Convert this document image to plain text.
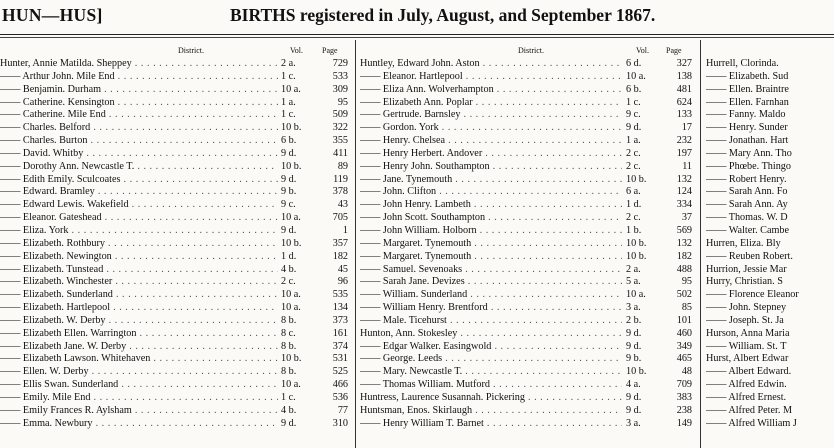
HUN—HUS]	BIRTHS registered in July, August, and September 1867.
District.	Vol. Page
Hunter, Annie Matilda. Sheppey . . .	2 a.	729
—— Arthur John. Mile End . . .	1 c.	533
—— Benjamin. Durham . . .	10 a.	309
—— Catherine. Kensington . . .	1 a.	95
—— Catherine. Mile End . . .	1 c.	509
—— Charles. Belford . . .	10 b.	322
—— Charles. Burton . . .	6 b.	355
—— David. Whitby . . .	9 d.	411
—— Dorothy Ann. Newcastle T. . . .	10 b.	89
—— Edith Emily. Sculcoates . . .	9 d.	119
—— Edward. Bramley . . .	9 b.	378
—— Edward Lewis. Wakefield . . .	9 c.	43
—— Eleanor. Gateshead . . .	10 a.	705
—— Eliza. York . . .	9 d.	1
—— Elizabeth. Rothbury . . .	10 b.	357
—— Elizabeth. Newington . . .	1 d.	182
—— Elizabeth. Tunstead . . .	4 b.	45
—— Elizabeth. Winchester . . .	2 c.	96
—— Elizabeth. Sunderland . . .	10 a.	535
—— Elizabeth. Hartlepool . . .	10 a.	134
—— Elizabeth. W. Derby . . .	8 b.	373
—— Elizabeth Ellen. Warrington . . .	8 c.	161
—— Elizabeth Jane. W. Derby . . .	8 b.	374
—— Elizabeth Lawson. Whitehaven . . .	10 b.	531
—— Ellen. W. Derby . . .	8 b.	525
—— Ellis Swan. Sunderland . . .	10 a.	466
—— Emily. Mile End . . .	1 c.	536
—— Emily Frances R. Aylsham . . .	4 b.	77
—— Emma. Newbury . . .	9 d.	310
District.	Vol. Page
Huntley, Edward John. Aston . . .	6 d.	327
—— Eleanor. Hartlepool . . .	10 a.	138
—— Eliza Ann. Wolverhampton . . .	6 b.	481
—— Elizabeth Ann. Poplar . . .	1 c.	624
—— Gertrude. Barnsley . . .	9 c.	133
—— Gordon. York . . .	9 d.	17
—— Henry. Chelsea . . .	1 a.	232
—— Henry Herbert. Andover . . .	2 c.	197
—— Henry John. Southampton . . .	2 c.	11
—— Jane. Tynemouth . . .	10 b.	132
—— John. Clifton . . .	6 a.	124
—— John Henry. Lambeth . . .	1 d.	334
—— John Scott. Southampton . . .	2 c.	37
—— John William. Holborn . . .	1 b.	569
—— Margaret. Tynemouth . . .	10 b.	132
—— Margaret. Tynemouth . . .	10 b.	182
—— Samuel. Sevenoaks . . .	2 a.	488
—— Sarah Jane. Devizes . . .	5 a.	95
—— William. Sunderland . . .	10 a.	502
—— William Henry. Brentford . . .	3 a.	85
—— Male. Ticehurst . . .	2 b.	101
Hunton, Ann. Stokesley . . .	9 d.	460
—— Edgar Walker. Easingwold . . .	9 d.	349
—— George. Leeds . . .	9 b.	465
—— Mary. Newcastle T. . . .	10 b.	48
—— Thomas William. Mutford . . .	4 a.	709
Huntress, Laurence Susannah. Pickering . . .	9 d.	383
Huntsman, Enos. Skirlaugh . . .	9 d.	238
—— Henry William T. Barnet . . .	3 a.	149
Hurrell, Clorinda.
—— Elizabeth. Sud
—— Ellen. Braintre
—— Ellen. Farnhan
—— Fanny. Maldo
—— Henry. Sunder
—— Jonathan. Hart
—— Mary Ann. Tho
—— Phœbe. Thingo
—— Robert Henry.
—— Sarah Ann. Fo
—— Sarah Ann. Ay
—— Thomas. W. D
—— Walter. Cambe
Hurren, Eliza. Bly
—— Reuben Robert.
Hurrion, Jessie Mar
Hurry, Christian. S
—— Florence Eleanor
—— John. Stepney
—— Joseph. St. Ja
Hurson, Anna Maria
—— William. St. T
Hurst, Albert Edwar
—— Albert Edward.
—— Alfred Edwin.
—— Alfred Ernest.
—— Alfred Peter. M
—— Alfred William J
